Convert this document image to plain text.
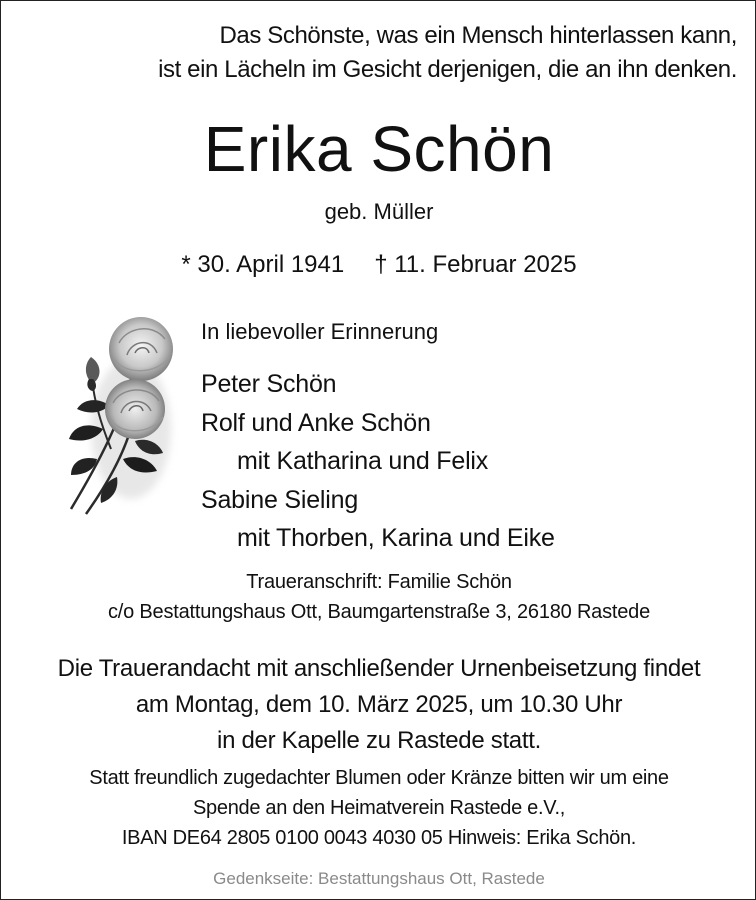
Das Schönste, was ein Mensch hinterlassen kann,
ist ein Lächeln im Gesicht derjenigen, die an ihn denken.
Erika Schön
geb. Müller
* 30. April 1941 † 11. Februar 2025
In liebevoller Erinnerung
Peter Schön
Rolf und Anke Schön
mit Katharina und Felix
Sabine Sieling
mit Thorben, Karina und Eike
Traueranschrift: Familie Schön
c/o Bestattungshaus Ott, Baumgartenstraße 3, 26180 Rastede
Die Trauerandacht mit anschließender Urnenbeisetzung findet
am Montag, dem 10. März 2025, um 10.30 Uhr
in der Kapelle zu Rastede statt.
Statt freundlich zugedachter Blumen oder Kränze bitten wir um eine
Spende an den Heimatverein Rastede e.V.,
IBAN DE64 2805 0100 0043 4030 05 Hinweis: Erika Schön.
Gedenkseite: Bestattungshaus Ott, Rastede
